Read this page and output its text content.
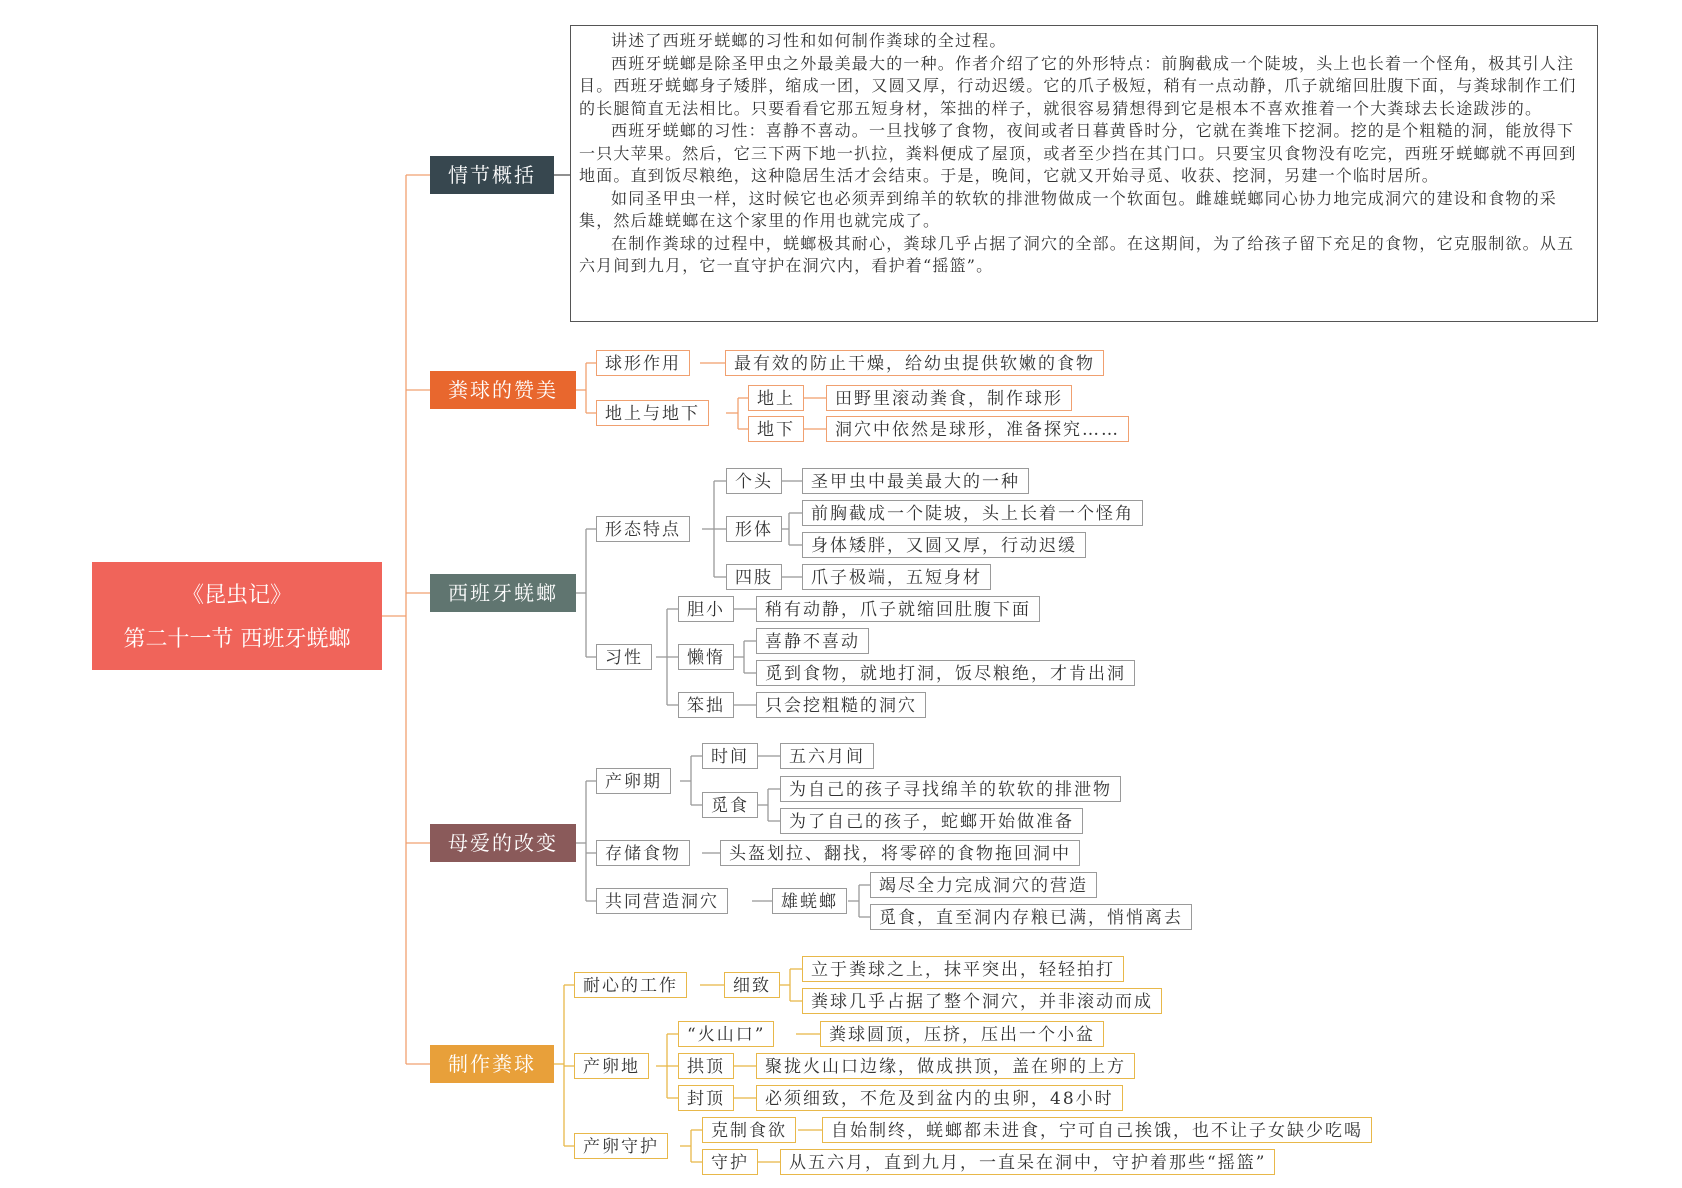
《昆虫记》
第二十一节 西班牙蜣螂
情节概括

讲述了西班牙蜣螂的习性和如何制作粪球的全过程。

西班牙蜣螂是除圣甲虫之外最美最大的一种。作者介绍了它的外形特点：前胸截成一个陡坡，头上也长着一个怪角，极其引人注目。西班牙蜣螂身子矮胖，缩成一团，又圆又厚，行动迟缓。它的爪子极短，稍有一点动静，爪子就缩回肚腹下面，与粪球制作工们的长腿简直无法相比。只要看看它那五短身材，笨拙的样子，就很容易猜想得到它是根本不喜欢推着一个大粪球去长途跋涉的。

西班牙蜣螂的习性：喜静不喜动。一旦找够了食物，夜间或者日暮黄昏时分，它就在粪堆下挖洞。挖的是个粗糙的洞，能放得下一只大苹果。然后，它三下两下地一扒拉，粪料便成了屋顶，或者至少挡在其门口。只要宝贝食物没有吃完，西班牙蜣螂就不再回到地面。直到饭尽粮绝，这种隐居生活才会结束。于是，晚间，它就又开始寻觅、收获、挖洞，另建一个临时居所。

如同圣甲虫一样，这时候它也必须弄到绵羊的软软的排泄物做成一个软面包。雌雄蜣螂同心协力地完成洞穴的建设和食物的采集，然后雄蜣螂在这个家里的作用也就完成了。

在制作粪球的过程中，蜣螂极其耐心，粪球几乎占据了洞穴的全部。在这期间，为了给孩子留下充足的食物，它克服制欲。从五六月间到九月，它一直守护在洞穴内，看护着“摇篮”。

粪球的赞美
球形作用	最有效的防止干燥，给幼虫提供软嫩的食物
地上与地下
地上	田野里滚动粪食，制作球形
地下	洞穴中依然是球形，准备探究……
西班牙蜣螂
形态特点
个头	圣甲虫中最美最大的一种
形体
前胸截成一个陡坡，头上长着一个怪角
身体矮胖，又圆又厚，行动迟缓
四肢	爪子极端，五短身材
习性
胆小	稍有动静，爪子就缩回肚腹下面
懒惰
喜静不喜动
觅到食物，就地打洞，饭尽粮绝，才肯出洞
笨拙	只会挖粗糙的洞穴
母爱的改变
产卵期
时间	五六月间
觅食
为自己的孩子寻找绵羊的软软的排泄物
为了自己的孩子，蛇螂开始做准备
存储食物	头盔划拉、翻找，将零碎的食物拖回洞中
共同营造洞穴	雄蜣螂
竭尽全力完成洞穴的营造
觅食，直至洞内存粮已满，悄悄离去
制作粪球
耐心的工作	细致
立于粪球之上，抹平突出，轻轻拍打
粪球几乎占据了整个洞穴，并非滚动而成
产卵地
“火山口”	粪球圆顶，压挤，压出一个小盆
拱顶	聚拢火山口边缘，做成拱顶，盖在卵的上方
封顶	必须细致，不危及到盆内的虫卵，48小时
产卵守护
克制食欲	自始制终，蜣螂都未进食，宁可自己挨饿，也不让子女缺少吃喝
守护	从五六月，直到九月，一直呆在洞中，守护着那些“摇篮”
